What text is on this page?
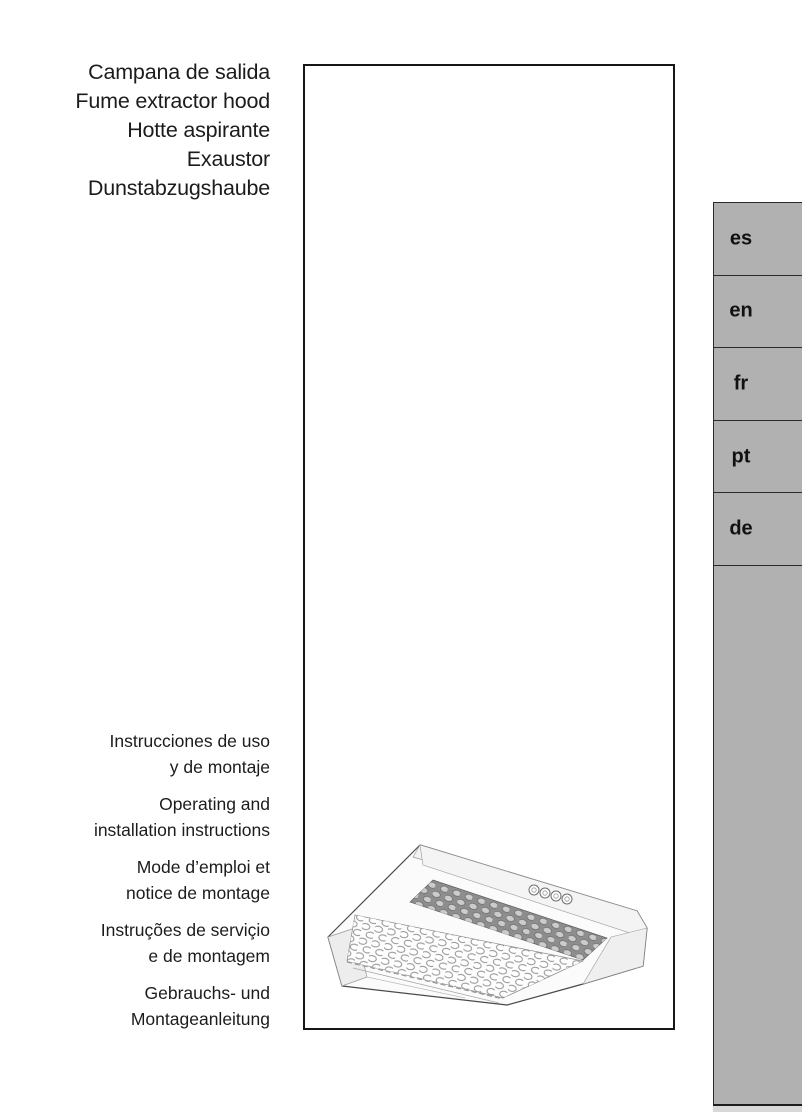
Campana de salida
Fume extractor hood
Hotte aspirante
Exaustor
Dunstabzugshaube

Instrucciones de uso
y de montaje

Operating and
installation instructions

Mode d’emploi et
notice de montage

Instruções de serviçio
e de montagem

Gebrauchs- und
Montageanleitung

es
en
fr
pt
de
